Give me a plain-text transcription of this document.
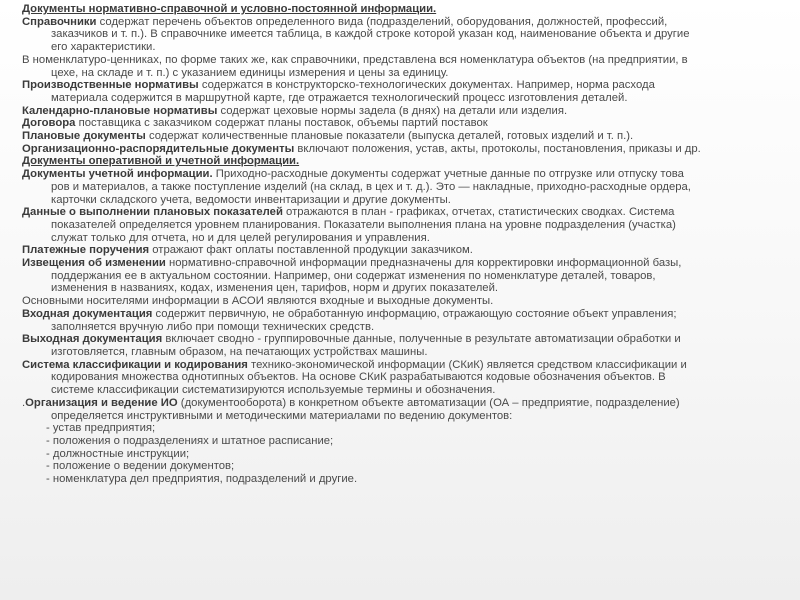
Документы нормативно-справочной и условно-постоянной информации.
Справочники содержат перечень объектов определенного вида (подразделений, оборудования, должностей, профессий,
заказчиков и т. п.). В справочнике имеется таблица, в каждой строке которой указан код, наименование объекта и другие
его характеристики.
В номенклатуро-ценниках, по форме таких же, как справочники, представлена вся номенклатура объектов (на предприятии, в
цехе, на складе и т. п.) с указанием единицы измерения и цены за единицу.
Производственные нормативы содержатся в конструкторско-технологических документах. Например, норма расхода
материала содержится в маршрутной карте, где отражается технологический процесс изготовления деталей.
Календарно-плановые нормативы содержат цеховые нормы задела (в днях) на детали или изделия.
Договора поставщика с заказчиком содержат планы поставок, объемы партий поставок
Плановые документы содержат количественные плановые показатели (выпуска деталей, готовых изделий и т. п.).
Организационно-распорядительные документы включают положения, устав, акты, протоколы, постановления, приказы и др.
Документы оперативной и учетной информации.
Документы учетной информации. Приходно-расходные документы содержат учетные данные по отгрузке или отпуску това
ров и материалов, а также поступление изделий (на склад, в цех и т. д.). Это — накладные, приходно-расходные ордера,
карточки складского учета, ведомости инвентаризации и другие документы.
Данные о выполнении плановых показателей отражаются в план - графиках, отчетах, статистических сводках. Система
показателей определяется уровнем планирования. Показатели выполнения плана на уровне подразделения (участка)
служат только для отчета, но и для целей регулирования и управления.
Платежные поручения отражают факт оплаты поставленной продукции заказчиком.
Извещения об изменении нормативно-справочной информации предназначены для корректировки информационной базы,
поддержания ее в актуальном состоянии. Например, они содержат изменения по номенклатуре деталей, товаров,
изменения в названиях, кодах, изменения цен, тарифов, норм и других показателей.
Основными носителями информации в АСОИ являются входные и выходные документы.
Входная документация содержит первичную, не обработанную информацию, отражающую состояние объект управления;
заполняется вручную либо при помощи технических средств.
Выходная документация включает сводно - группировочные данные, полученные в результате автоматизации обработки и
изготовляется, главным образом, на печатающих устройствах машины.
Система классификации и кодирования технико-экономической информации (СКиК) является средством классификации и
кодирования множества однотипных объектов. На основе СКиК разрабатываются кодовые обозначения объектов. В
системе классификации систематизируются используемые термины и обозначения.
.Организация и ведение ИО (документооборота) в конкретном объекте автоматизации (ОА – предприятие, подразделение)
определяется инструктивными и методическими материалами по ведению документов:
- устав предприятия;
- положения о подразделениях и штатное расписание;
- должностные инструкции;
- положение о ведении документов;
- номенклатура дел предприятия, подразделений и другие.
